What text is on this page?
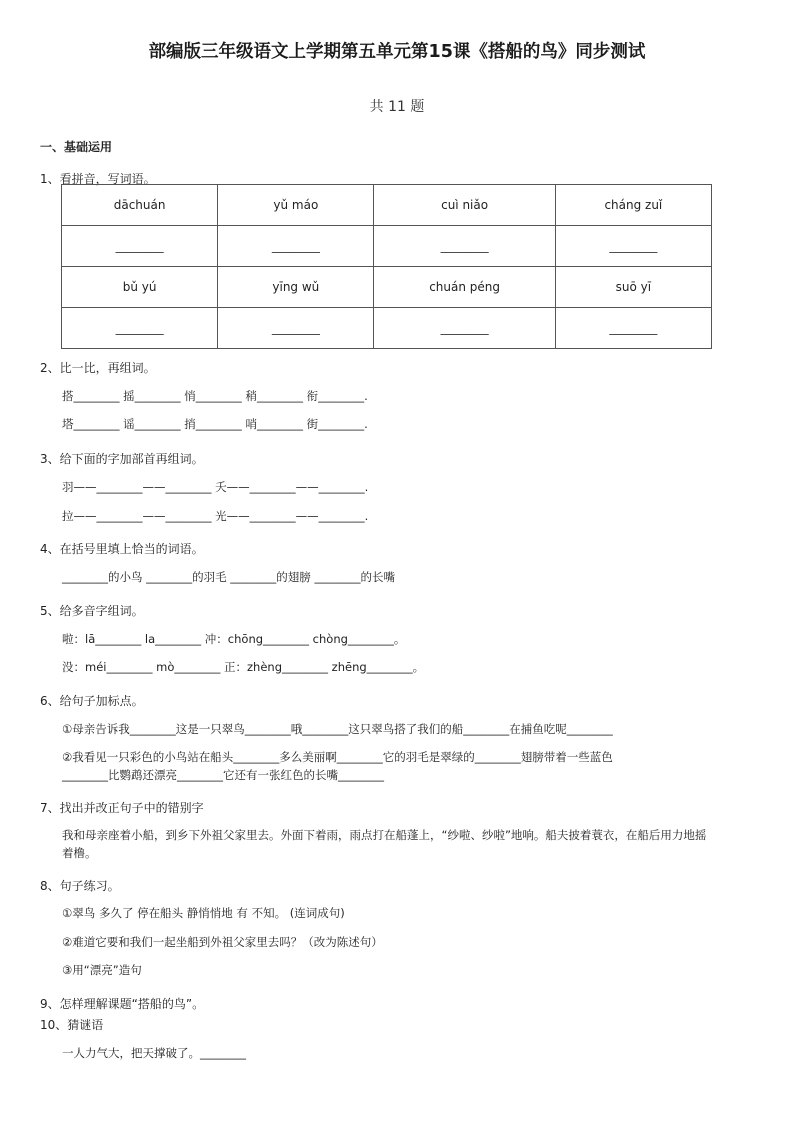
部编版三年级语文上学期第五单元第15课《搭船的鸟》同步测试
共 11 题
一、基础运用
1、看拼音，写词语。
dāchuán	yǔ máo	cuì niǎo	cháng zuǐ
________	________	________	________
bǔ yú	yīng wǔ	chuán péng	suō yī
________	________	________	________
2、比一比，再组词。
搭________ 摇________ 悄________ 稍________ 衔________.
塔________ 谣________ 捎________ 哨________ 街________.
3、给下面的字加部首再组词。
羽——________——________ 夭——________——________.
拉——________——________ 光——________——________.
4、在括号里填上恰当的词语。
________的小鸟 ________的羽毛 ________的翅膀 ________的长嘴
5、给多音字组词。
啦：lā________ la________ 冲：chōng________ chòng________。
没：méi________ mò________ 正：zhèng________ zhēng________。
6、给句子加标点。
①母亲告诉我________这是一只翠鸟________哦________这只翠鸟搭了我们的船________在捕鱼吃呢________
②我看见一只彩色的小鸟站在船头________多么美丽啊________它的羽毛是翠绿的________翅膀带着一些蓝色
________比鹦鹉还漂亮________它还有一张红色的长嘴________
7、找出并改正句子中的错别字
我和母亲座着小船，到乡下外祖父家里去。外面下着雨，雨点打在船蓬上，“纱啦、纱啦”地响。船夫披着蓑衣，在船后用力地摇着橹。
8、句子练习。
①翠鸟 多久了 停在船头 静悄悄地 有 不知。 (连词成句)
②难道它要和我们一起坐船到外祖父家里去吗？（改为陈述句）
③用“漂亮”造句
9、怎样理解课题“搭船的鸟”。
10、猜谜语
一人力气大，把天撑破了。________
